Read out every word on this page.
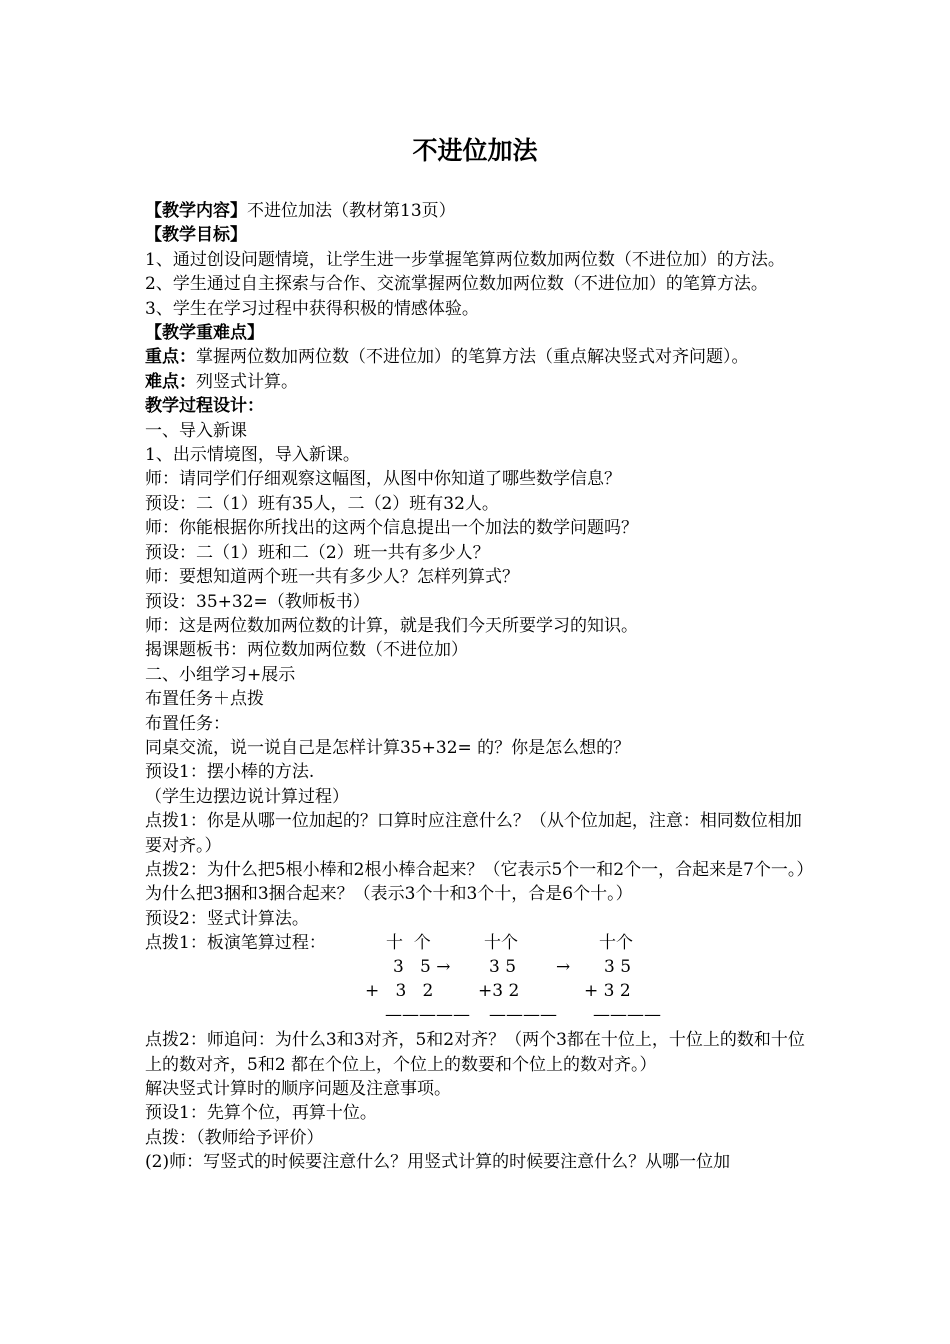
不进位加法

【教学内容】不进位加法（教材第13页）

【教学目标】

1、通过创设问题情境，让学生进一步掌握笔算两位数加两位数（不进位加）的方法。

2、学生通过自主探索与合作、交流掌握两位数加两位数（不进位加）的笔算方法。

3、学生在学习过程中获得积极的情感体验。

【教学重难点】

重点：掌握两位数加两位数（不进位加）的笔算方法（重点解决竖式对齐问题）。

难点：列竖式计算。

教学过程设计：

一、导入新课

1、出示情境图，导入新课。

师：请同学们仔细观察这幅图，从图中你知道了哪些数学信息？

预设：二（1）班有35人，二（2）班有32人。

师：你能根据你所找出的这两个信息提出一个加法的数学问题吗？

预设：二（1）班和二（2）班一共有多少人？

师：要想知道两个班一共有多少人？怎样列算式？

预设：35+32=（教师板书）

师：这是两位数加两位数的计算，就是我们今天所要学习的知识。

揭课题板书：两位数加两位数（不进位加）

二、小组学习+展示

布置任务＋点拨

布置任务：

同桌交流，说一说自己是怎样计算35+32= 的？你是怎么想的？

预设1：摆小棒的方法.

（学生边摆边说计算过程）

点拨1：你是从哪一位加起的？口算时应注意什么？（从个位加起，注意：相同数位相加要对齐。）

点拨2：为什么把5根小棒和2根小棒合起来？（它表示5个一和2个一，合起来是7个一。）为什么把3捆和3捆合起来？（表示3个十和3个十，合是6个十。）

预设2：竖式计算法。

点拨1：板演笔算过程：	十  个	十个	十个
3   5 → 3 5 → 3 5
+   3   2	+3 2	+ 3 2
————— ———— ————

点拨2：师追问：为什么3和3对齐，5和2对齐？（两个3都在十位上，十位上的数和十位上的数对齐，5和2 都在个位上，个位上的数要和个位上的数对齐。）

解决竖式计算时的顺序问题及注意事项。

预设1：先算个位，再算十位。

点拨：（教师给予评价）

(2)师：写竖式的时候要注意什么？用竖式计算的时候要注意什么？从哪一位加
